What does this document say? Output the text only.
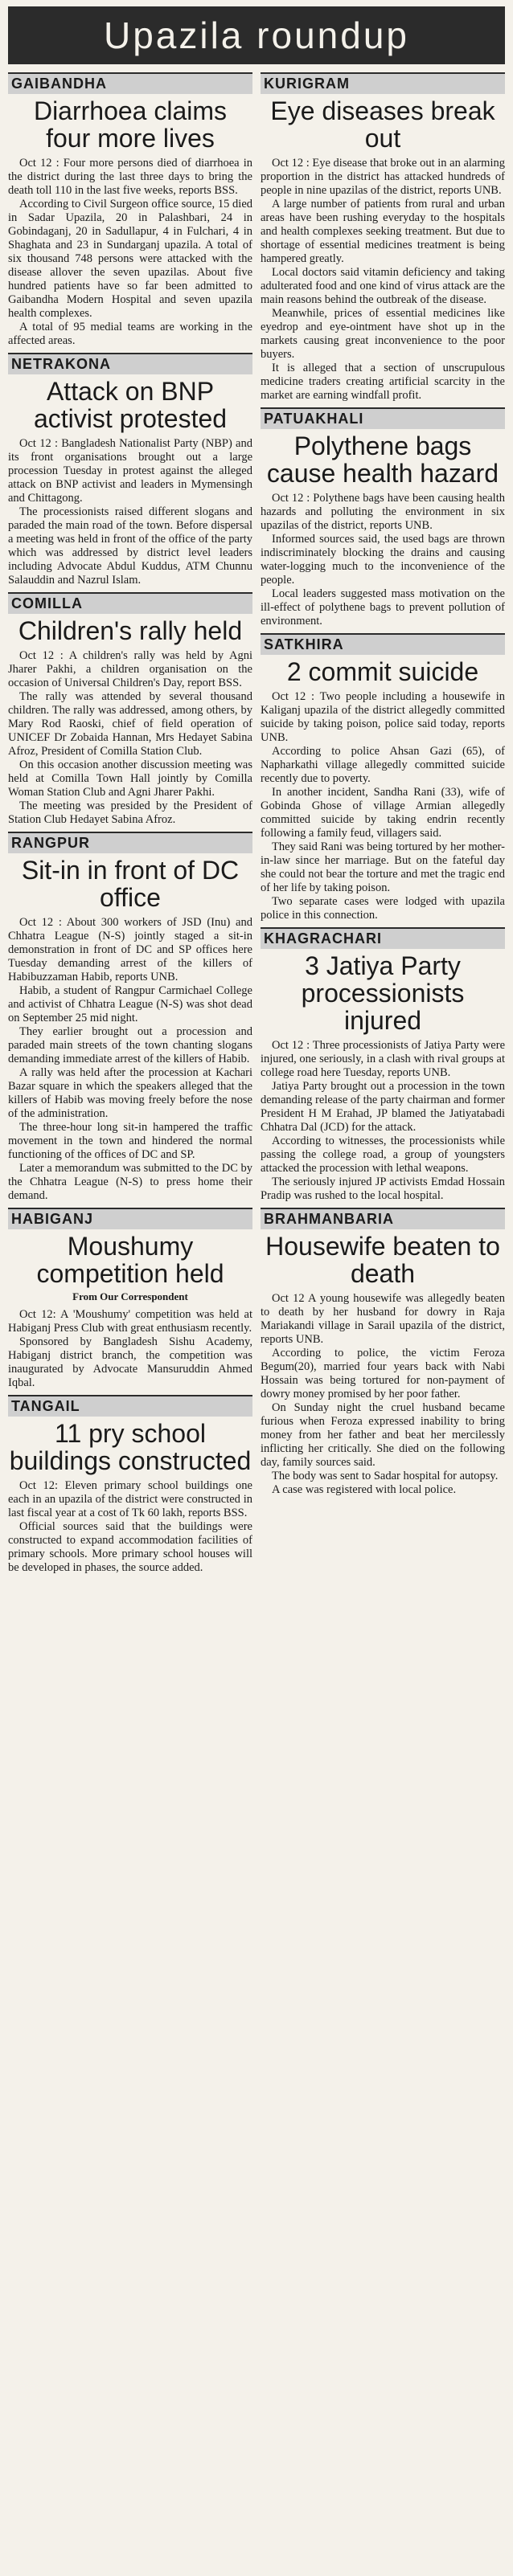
Upazila roundup
GAIBANDHA
Diarrhoea claims four more lives

Oct 12 : Four more persons died of diarrhoea in the district during the last three days to bring the death toll 110 in the last five weeks, reports BSS.

According to Civil Surgeon office source, 15 died in Sadar Upazila, 20 in Palashbari, 24 in Gobindaganj, 20 in Sadullapur, 4 in Fulchari, 4 in Shaghata and 23 in Sundarganj upazila. A total of six thousand 748 persons were attacked with the disease allover the seven upazilas. About five hundred patients have so far been admitted to Gaibandha Modern Hospital and seven upazila health complexes.

A total of 95 medial teams are working in the affected areas.

NETRAKONA
Attack on BNP activist protested

Oct 12 : Bangladesh Nationalist Party (NBP) and its front organisations brought out a large procession Tuesday in protest against the alleged attack on BNP activist and leaders in Mymensingh and Chittagong.

The processionists raised different slogans and paraded the main road of the town. Before dispersal a meeting was held in front of the office of the party which was addressed by district level leaders including Advocate Abdul Kuddus, ATM Chunnu Salauddin and Nazrul Islam.

COMILLA
Children's rally held

Oct 12 : A children's rally was held by Agni Jharer Pakhi, a children organisation on the occasion of Universal Children's Day, report BSS.

The rally was attended by several thousand children. The rally was addressed, among others, by Mary Rod Raoski, chief of field operation of UNICEF Dr Zobaida Hannan, Mrs Hedayet Sabina Afroz, President of Comilla Station Club.

On this occasion another discussion meeting was held at Comilla Town Hall jointly by Comilla Woman Station Club and Agni Jharer Pakhi.

The meeting was presided by the President of Station Club Hedayet Sabina Afroz.

RANGPUR
Sit-in in front of DC office

Oct 12 : About 300 workers of JSD (Inu) and Chhatra League (N-S) jointly staged a sit-in demonstration in front of DC and SP offices here Tuesday demanding arrest of the killers of Habibuzzaman Habib, reports UNB.

Habib, a student of Rangpur Carmichael College and activist of Chhatra League (N-S) was shot dead on September 25 mid night.

They earlier brought out a procession and paraded main streets of the town chanting slogans demanding immediate arrest of the killers of Habib.

A rally was held after the procession at Kachari Bazar square in which the speakers alleged that the killers of Habib was moving freely before the nose of the administration.

The three-hour long sit-in hampered the traffic movement in the town and hindered the normal functioning of the offices of DC and SP.

Later a memorandum was submitted to the DC by the Chhatra League (N-S) to press home their demand.

HABIGANJ
Moushumy competition held
From Our Correspondent

Oct 12: A 'Moushumy' competition was held at Habiganj Press Club with great enthusiasm recently.

Sponsored by Bangladesh Sishu Academy, Habiganj district branch, the competition was inaugurated by Advocate Mansuruddin Ahmed Iqbal.

TANGAIL
11 pry school buildings constructed

Oct 12: Eleven primary school buildings one each in an upazila of the district were constructed in last fiscal year at a cost of Tk 60 lakh, reports BSS.

Official sources said that the buildings were constructed to expand accommodation facilities of primary schools. More primary school houses will be developed in phases, the source added.

KURIGRAM
Eye diseases break out

Oct 12 : Eye disease that broke out in an alarming proportion in the district has attacked hundreds of people in nine upazilas of the district, reports UNB.

A large number of patients from rural and urban areas have been rushing everyday to the hospitals and health complexes seeking treatment. But due to shortage of essential medicines treatment is being hampered greatly.

Local doctors said vitamin deficiency and taking adulterated food and one kind of virus attack are the main reasons behind the outbreak of the disease.

Meanwhile, prices of essential medicines like eyedrop and eye-ointment have shot up in the markets causing great inconvenience to the poor buyers.

It is alleged that a section of unscrupulous medicine traders creating artificial scarcity in the market are earning windfall profit.

PATUAKHALI
Polythene bags cause health hazard

Oct 12 : Polythene bags have been causing health hazards and polluting the environment in six upazilas of the district, reports UNB.

Informed sources said, the used bags are thrown indiscriminately blocking the drains and causing water-logging much to the inconvenience of the people.

Local leaders suggested mass motivation on the ill-effect of polythene bags to prevent pollution of environment.

SATKHIRA
2 commit suicide

Oct 12 : Two people including a housewife in Kaliganj upazila of the district allegedly committed suicide by taking poison, police said today, reports UNB.

According to police Ahsan Gazi (65), of Napharkathi village allegedly committed suicide recently due to poverty.

In another incident, Sandha Rani (33), wife of Gobinda Ghose of village Armian allegedly committed suicide by taking endrin recently following a family feud, villagers said.

They said Rani was being tortured by her mother-in-law since her marriage. But on the fateful day she could not bear the torture and met the tragic end of her life by taking poison.

Two separate cases were lodged with upazila police in this connection.

KHAGRACHARI
3 Jatiya Party processionists injured

Oct 12 : Three processionists of Jatiya Party were injured, one seriously, in a clash with rival groups at college road here Tuesday, reports UNB.

Jatiya Party brought out a procession in the town demanding release of the party chairman and former President H M Erahad, JP blamed the Jatiyatabadi Chhatra Dal (JCD) for the attack.

According to witnesses, the processionists while passing the college road, a group of youngsters attacked the procession with lethal weapons.

The seriously injured JP activists Emdad Hossain Pradip was rushed to the local hospital.

BRAHMANBARIA
Housewife beaten to death

Oct 12 A young housewife was allegedly beaten to death by her husband for dowry in Raja Mariakandi village in Sarail upazila of the district, reports UNB.

According to police, the victim Feroza Begum(20), married four years back with Nabi Hossain was being tortured for non-payment of dowry money promised by her poor father.

On Sunday night the cruel husband became furious when Feroza expressed inability to bring money from her father and beat her mercilessly inflicting her critically. She died on the following day, family sources said.

The body was sent to Sadar hospital for autopsy.

A case was registered with local police.
